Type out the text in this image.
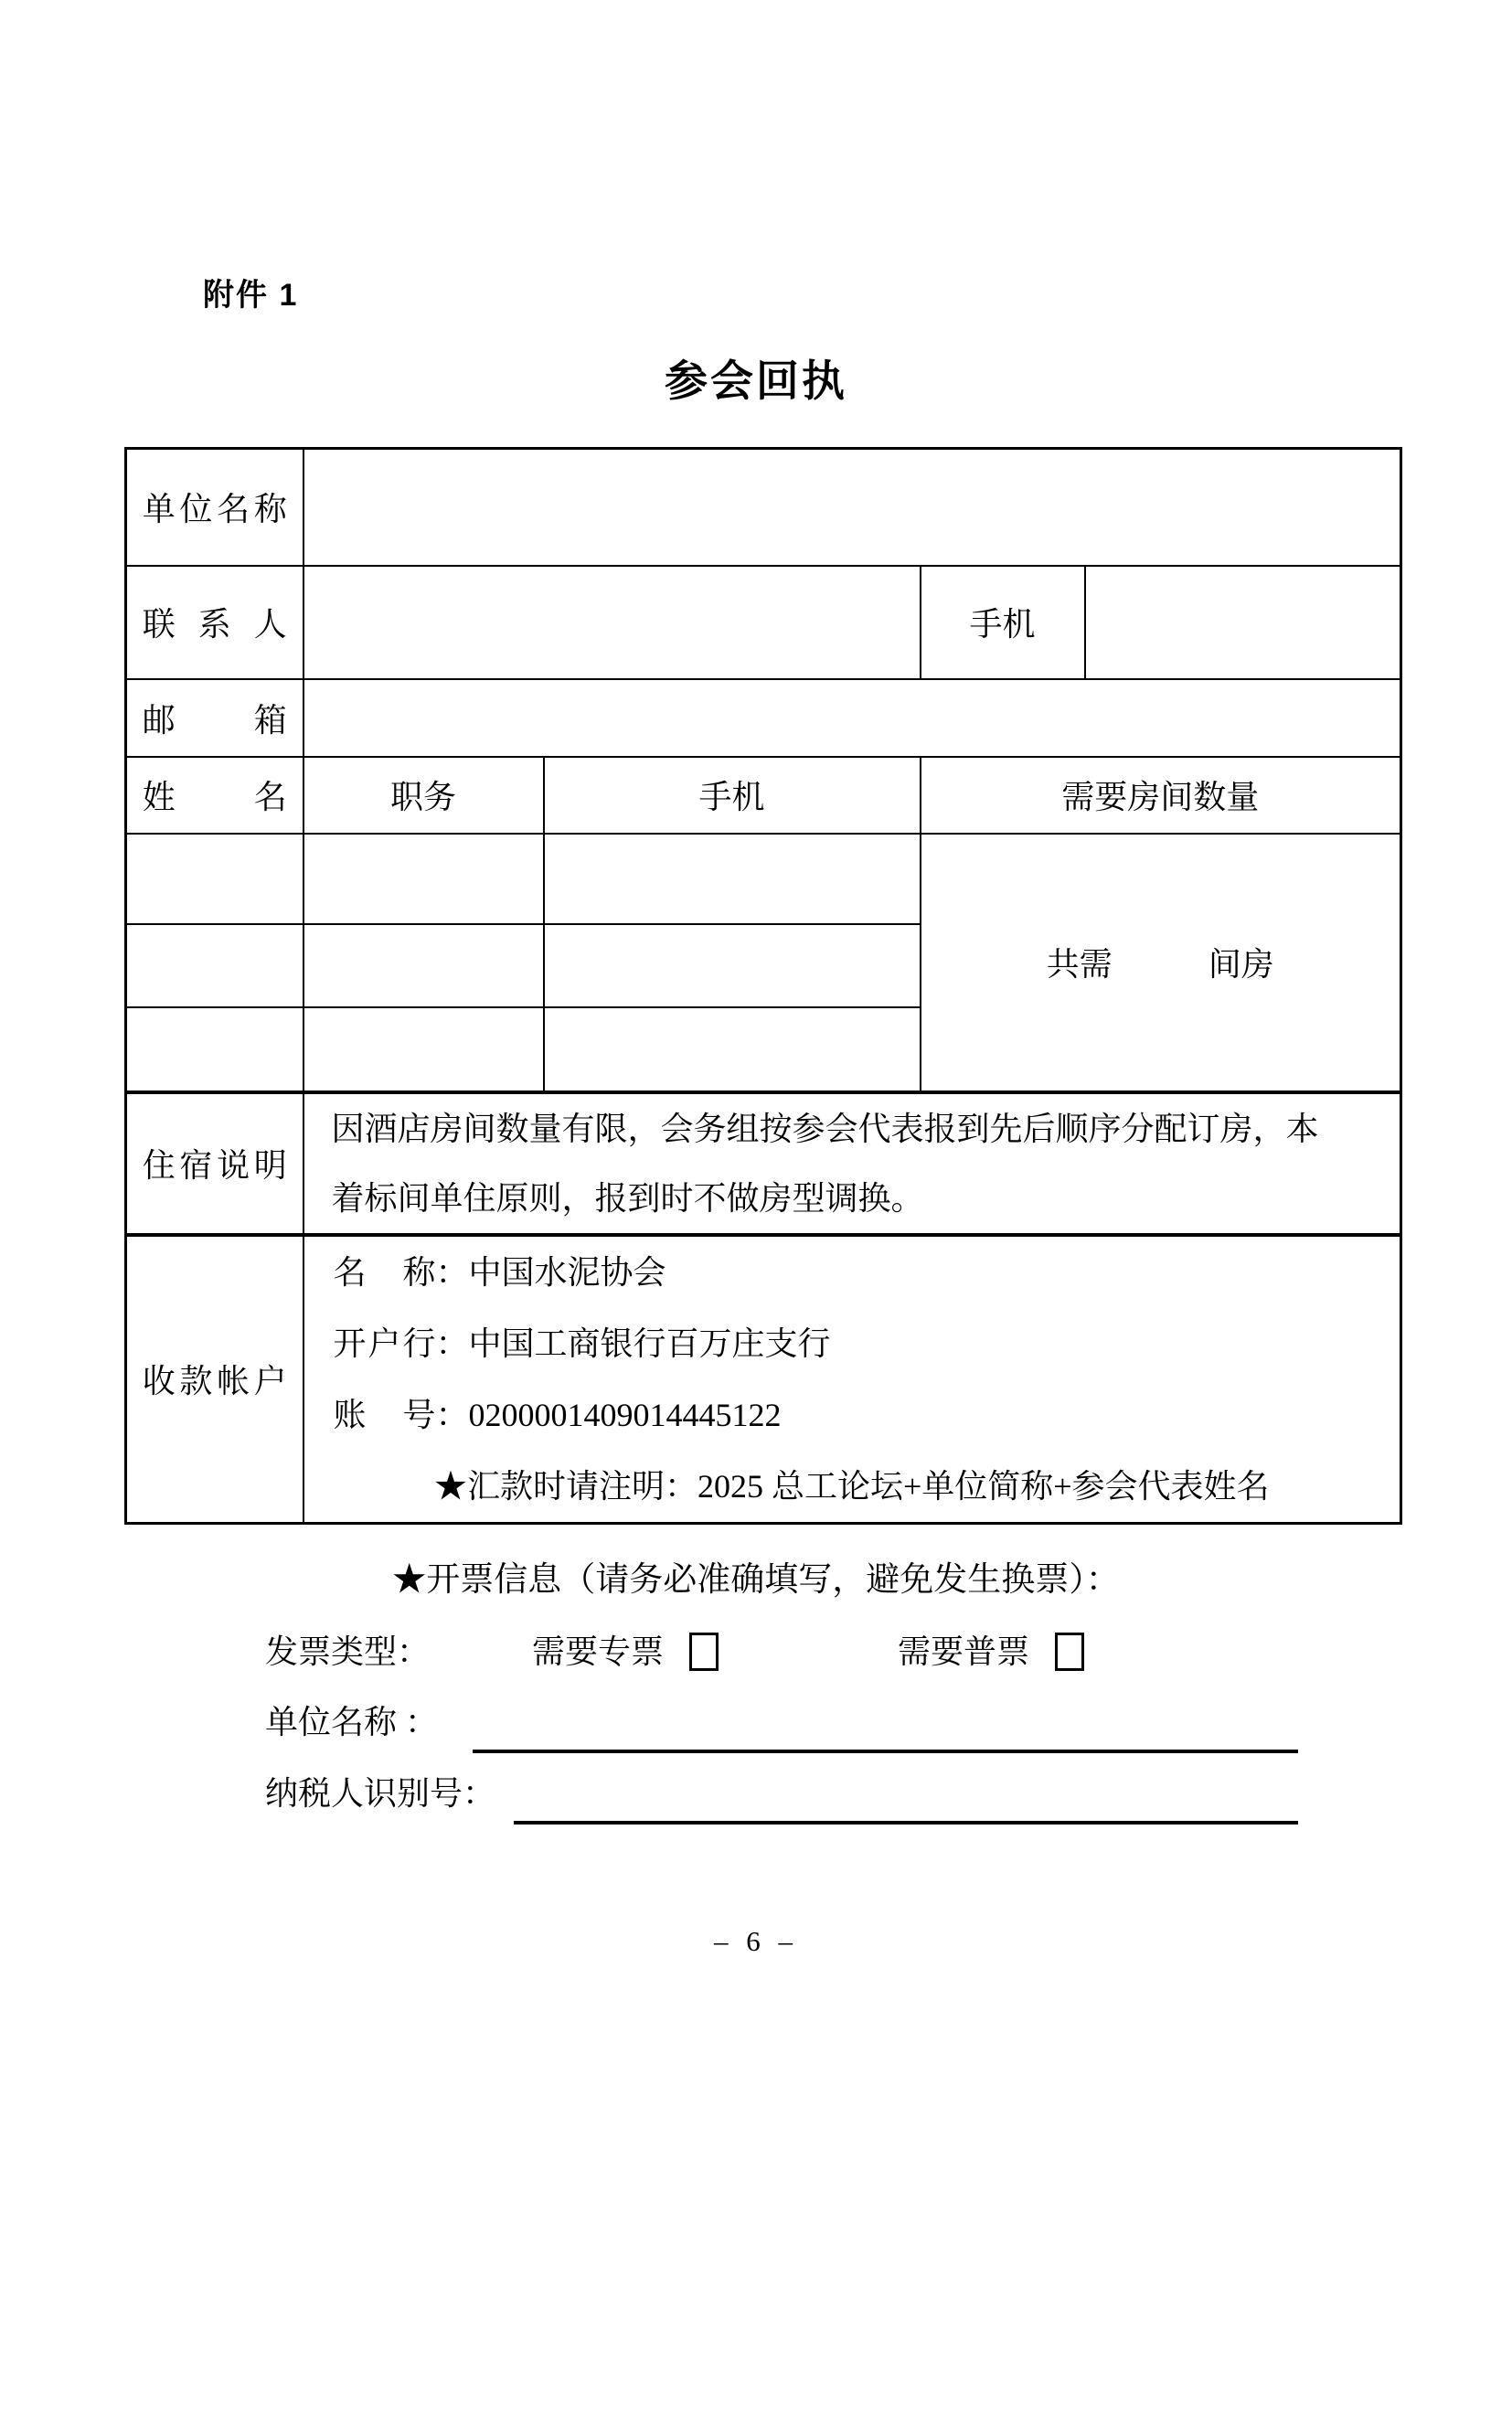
附件 1
参会回执
单位名称				
联系人			手机	
邮箱				
姓名	职务	手机	需要房间数量	

			共需 间房	

住宿说明	因酒店房间数量有限，会务组按参会代表报到先后顺序分配订房，本
着标间单住原则，报到时不做房型调换。			

收款帐户	名称：中国水泥协会
开户行：中国工商银行百万庄支行
账号：0200001409014445122
★汇款时请注明：2025 总工论坛+单位简称+参会代表姓名			
★开票信息（请务必准确填写，避免发生换票）：
发票类型：	需要专票	需要普票
单位名称 ：
纳税人识别号：
– 6 –
